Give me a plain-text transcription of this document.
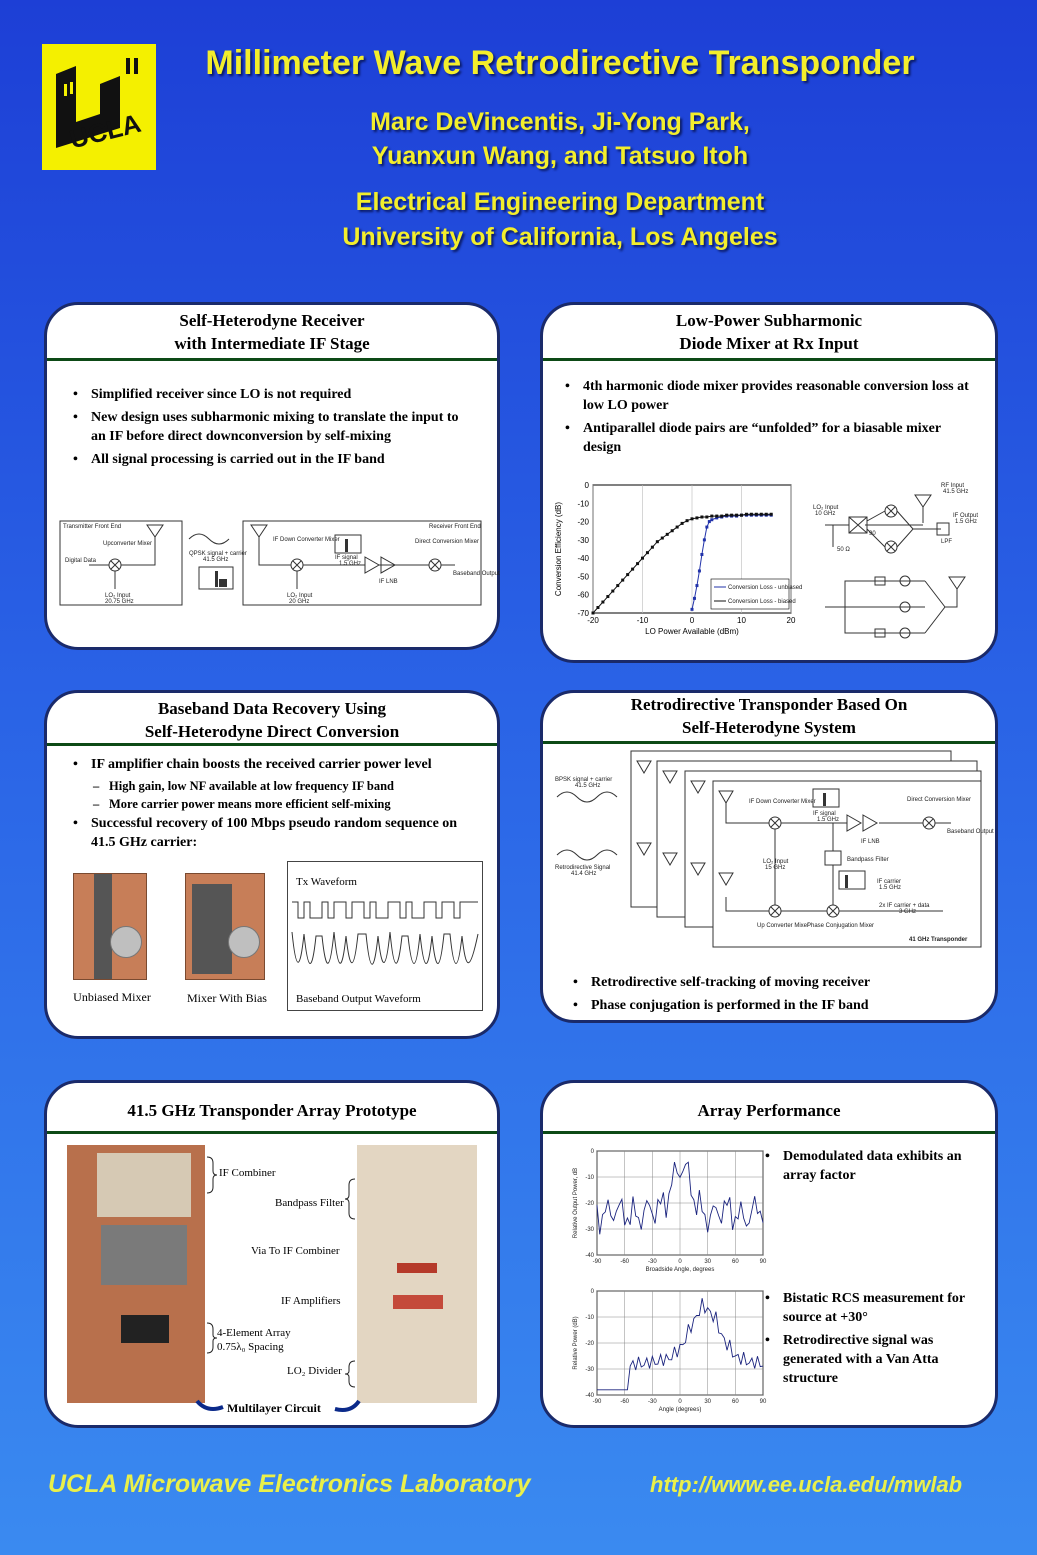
UCLA
Millimeter Wave Retrodirective Transponder
Marc DeVincentis, Ji-Yong Park,
Yuanxun Wang, and Tatsuo Itoh
Electrical Engineering Department
University of California, Los Angeles
Self-Heterodyne Receiver
with Intermediate IF Stage
• Simplified receiver since LO is not required
• New design uses subharmonic mixing to translate the input to an IF before direct downconversion by self-mixing
• All signal processing is carried out in the IF band
Transmitter Front End
Upconverter Mixer
Digital Data
LO₂ Input
20.75 GHz
QPSK signal + carrier
41.5 GHz
Receiver Front End
IF Down Converter Mixer
IF signal
1.5 GHz
IF LNB
Direct Conversion Mixer
Baseband Output
LO₂ Input
20 GHz
Low-Power Subharmonic
Diode Mixer at Rx Input
• 4th harmonic diode mixer provides reasonable conversion loss at low LO power
• Antiparallel diode pairs are “unfolded” for a biasable mixer design
-20	-10	0	10	20
0
-10
-20
-30
-40
-50
-60
-70
LO Power Available (dBm)
Conversion Efficiency (dB)	Conversion Loss - unbiased
Conversion Loss - biased
RF Input
41.5 GHz
LO₂ Input
10 GHz
50 Ω
90
IF Output
1.5 GHz
LPF
Baseband Data Recovery Using
Self-Heterodyne Direct Conversion
• IF amplifier chain boosts the received carrier power level
– High gain, low NF available at low frequency IF band
– More carrier power means more efficient self-mixing
• Successful recovery of 100 Mbps pseudo random sequence on 41.5 GHz carrier:
Unbiased Mixer	Mixer With Bias
Tx Waveform
Baseband Output Waveform
Retrodirective Transponder Based On
Self-Heterodyne System
BPSK signal + carrier
41.5 GHz
Retrodirective Signal
41.4 GHz
IF Down Converter Mixer
IF signal
1.5 GHz
IF LNB
Direct Conversion Mixer
Baseband Output
LO₂ Input
15 GHz
Bandpass Filter
IF carrier
1.5 GHz
2x IF carrier + data
3 GHz
Up Converter Mixer
Phase Conjugation Mixer
41 GHz Transponder
• Retrodirective self-tracking of moving receiver
• Phase conjugation is performed in the IF band
41.5 GHz Transponder Array Prototype
IF Combiner
Bandpass Filter
Via To IF Combiner
IF Amplifiers
4-Element Array
0.75λ₀ Spacing
LO₂ Divider
Multilayer Circuit
Array Performance
-90	-60	-30	0	30	60	90
0
-10
-20
-30
-40
Broadside Angle, degrees
Relative Output Power, dB
-90	-60	-30	0	30	60	90
0
-10
-20
-30
-40
Angle (degrees)
Relative Power (dB)
• Demodulated data exhibits an array factor
• Bistatic RCS measurement for source at +30°
• Retrodirective signal was generated with a Van Atta structure
UCLA Microwave Electronics Laboratory	http://www.ee.ucla.edu/mwlab
